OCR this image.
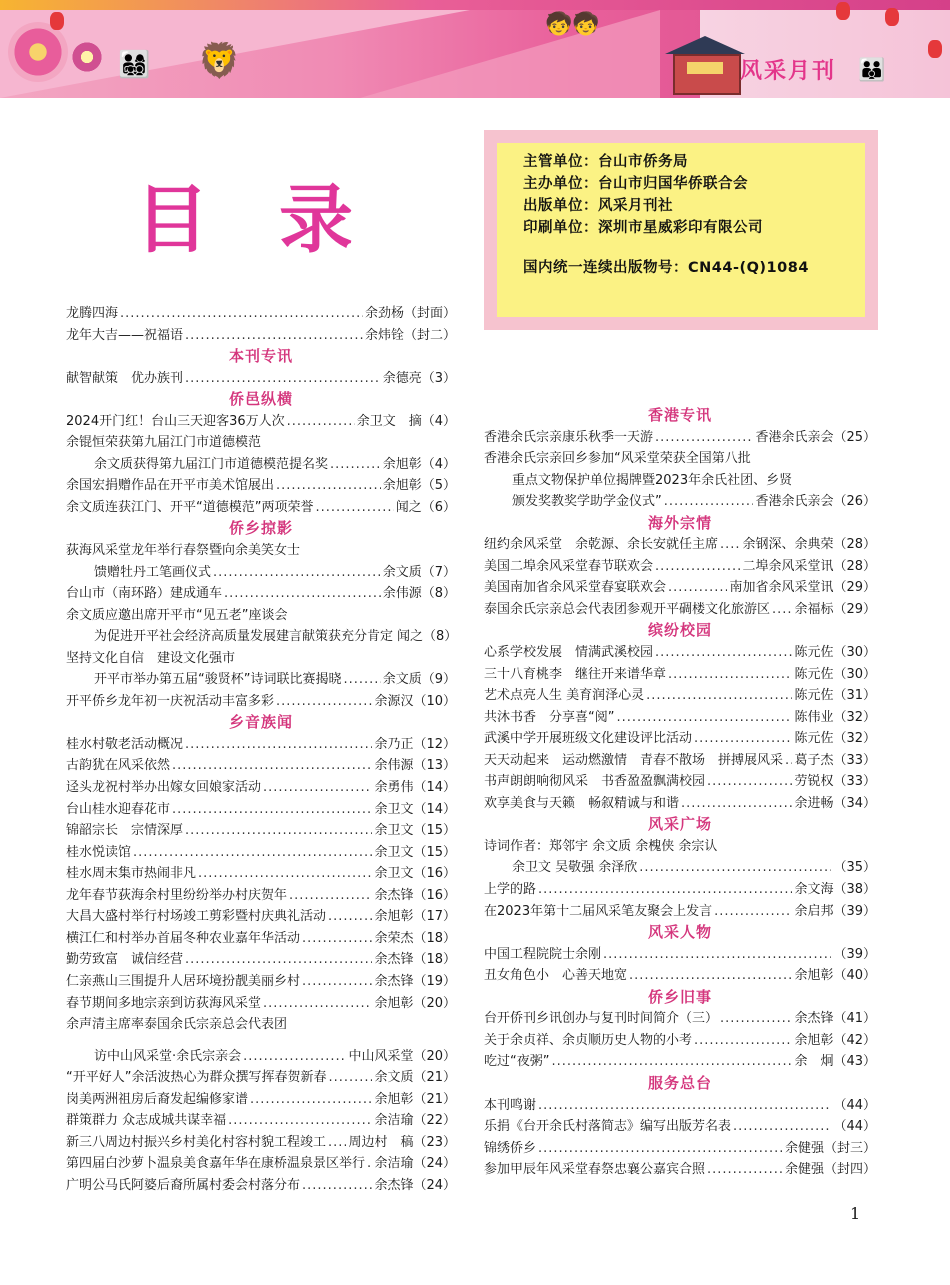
👨‍👩‍👧‍👦 🦁
🧒🧒
👪
风采月刊
目录
主管单位：台山市侨务局
主办单位：台山市归国华侨联合会
出版单位：风采月刊社
印刷单位：深圳市星威彩印有限公司
国内统一连续出版物号：CN44-(Q)1084
龙腾四海 .....	余劲杨（封面）
龙年大吉——祝福语 .....	余炜铨（封二）
本刊专讯
献智献策　优办族刊 .....	余德亮（3）
侨邑纵横
2024开门红！台山三天迎客36万人次 .....	余卫文　摘（4）
余锟恒荣获第九届江门市道德模范
余文质获得第九届江门市道德模范提名奖 .....	余旭彰（4）
余国宏捐赠作品在开平市美术馆展出 .....	余旭彰（5）
余文质连获江门、开平“道德模范”两项荣誉 .....	闻之（6）
侨乡掠影
荻海风采堂龙年举行春祭暨向余美笑女士
馈赠牡丹工笔画仪式 .....	余文质（7）
台山市（南环路）建成通车 .....	余伟源（8）
余文质应邀出席开平市“见五老”座谈会
为促进开平社会经济高质量发展建言献策获充分肯定 闻之（8）
坚持文化自信　建设文化强市
开平市举办第五届“骏贤杯”诗词联比赛揭晓 .....	余文质（9）
开平侨乡龙年初一庆祝活动丰富多彩 .....	余源汉（10）
乡音族闻
桂水村敬老活动概况 .....	余乃正（12）
古韵犹在风采依然 .....	余伟源（13）
迳头龙祝村举办出嫁女回娘家活动 .....	余勇伟（14）
台山桂水迎春花市 .....	余卫文（14）
锦韶宗长　宗情深厚 .....	余卫文（15）
桂水悦读馆 .....	余卫文（15）
桂水周末集市热闹非凡 .....	余卫文（16）
龙年春节荻海余村里纷纷举办村庆贺年 .....	余杰锋（16）
大昌大盛村举行村场竣工剪彩暨村庆典礼活动 .....	余旭彰（17）
横江仁和村举办首届冬种农业嘉年华活动 .....	余荣杰（18）
勤劳致富　诚信经营 .....	余杰锋（18）
仁亲燕山三围提升人居环境扮靓美丽乡村 .....	余杰锋（19）
春节期间多地宗亲到访荻海风采堂 .....	余旭彰（20）
余声清主席率泰国余氏宗亲总会代表团
访中山风采堂·余氏宗亲会 .....	中山风采堂（20）
“开平好人”余活波热心为群众撰写挥春贺新春 .....	余文质（21）
岗美两洲祖房后裔发起编修家谱 .....	余旭彰（21）
群策群力 众志成城共谋幸福 .....	余洁瑜（22）
新三八周边村振兴乡村美化村容村貌工程竣工 ..... 周边村　稿（23）
第四届白沙萝卜温泉美食嘉年华在康桥温泉景区举行 ..... 余洁瑜（24）
广明公马氏阿婆后裔所属村委会村落分布 .....	余杰锋（24）
香港专讯
香港余氏宗亲康乐秋季一天游 .....	香港余氏亲会（25）
香港余氏宗亲回乡参加“风采堂荣获全国第八批
重点文物保护单位揭牌暨2023年余氏社团、乡贤
颁发奖教奖学助学金仪式” .....	香港余氏亲会（26）
海外宗情
纽约余风采堂　余乾源、余长安就任主席 ..... 余钢深、余典荣（28）
美国二埠余风采堂春节联欢会 .....	二埠余风采堂讯（28）
美国南加省余风采堂春宴联欢会 .....	南加省余风采堂讯（29）
泰国余氏宗亲总会代表团参观开平碉楼文化旅游区 ..... 余福标（29）
缤纷校园
心系学校发展　情满武溪校园 .....	陈元佐（30）
三十八育桃李　继往开来谱华章 .....	陈元佐（30）
艺术点亮人生 美育润泽心灵 .....	陈元佐（31）
共沐书香　分享喜“阅” .....	陈伟业（32）
武溪中学开展班级文化建设评比活动 .....	陈元佐（32）
天天动起来　运动燃激情　青春不散场　拼搏展风采 ..... 葛子杰（33）
书声朗朗响彻风采　书香盈盈飘满校园 .....	劳锐权（33）
欢享美食与天籁　畅叙精诚与和谐 .....	余进畅（34）
风采广场
诗词作者：郑邻宇 余文质 余槐侠 余宗认
余卫文 吴敬强 余泽欣 .....	（35）
上学的路 .....	余文海（38）
在2023年第十二届风采笔友聚会上发言 .....	余启邦（39）
风采人物
中国工程院院士余刚 .....	（39）
丑女角色小　心善天地宽 .....	余旭彰（40）
侨乡旧事
台开侨刊乡讯创办与复刊时间简介（三） .....	余杰锋（41）
关于余贞祥、余贞顺历史人物的小考 .....	余旭彰（42）
吃过“夜粥” .....	余　炯（43）
服务总台
本刊鸣谢 .....	（44）
乐捐《台开余氏村落简志》编写出版芳名表 .....	（44）
锦绣侨乡 .....	余健强（封三）
参加甲辰年风采堂春祭忠襄公嘉宾合照 .....	余健强（封四）
1
